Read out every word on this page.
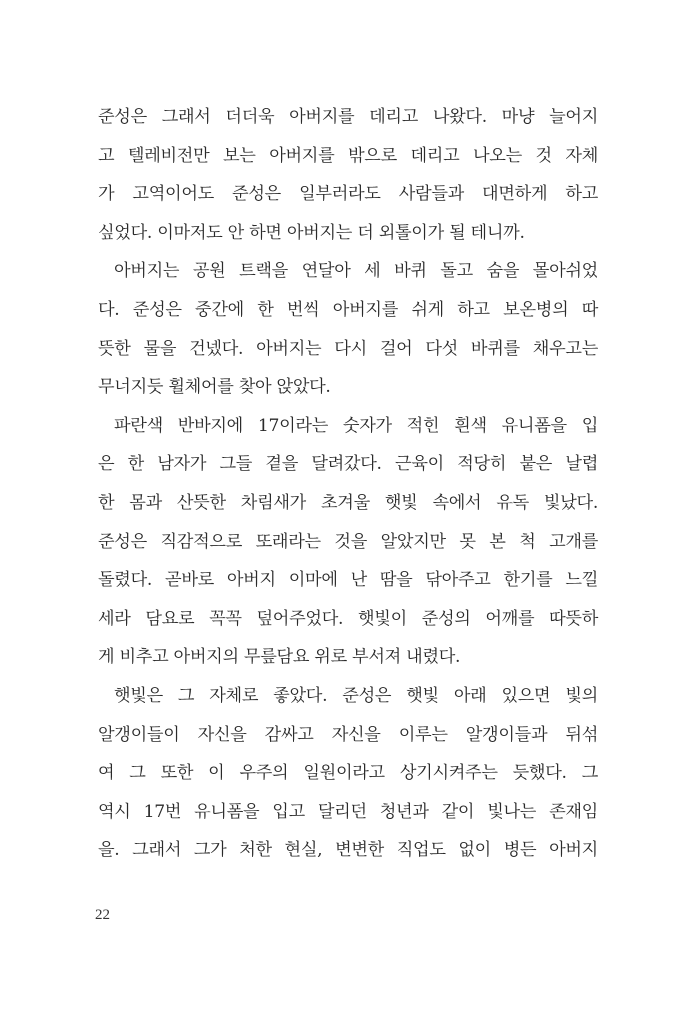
준성은 그래서 더더욱 아버지를 데리고 나왔다. 마냥 늘어지
고 텔레비전만 보는 아버지를 밖으로 데리고 나오는 것 자체
가 고역이어도 준성은 일부러라도 사람들과 대면하게 하고
싶었다. 이마저도 안 하면 아버지는 더 외톨이가 될 테니까.
아버지는 공원 트랙을 연달아 세 바퀴 돌고 숨을 몰아쉬었
다. 준성은 중간에 한 번씩 아버지를 쉬게 하고 보온병의 따
뜻한 물을 건넸다. 아버지는 다시 걸어 다섯 바퀴를 채우고는
무너지듯 휠체어를 찾아 앉았다.
파란색 반바지에 17이라는 숫자가 적힌 흰색 유니폼을 입
은 한 남자가 그들 곁을 달려갔다. 근육이 적당히 붙은 날렵
한 몸과 산뜻한 차림새가 초겨울 햇빛 속에서 유독 빛났다.
준성은 직감적으로 또래라는 것을 알았지만 못 본 척 고개를
돌렸다. 곧바로 아버지 이마에 난 땀을 닦아주고 한기를 느낄
세라 담요로 꼭꼭 덮어주었다. 햇빛이 준성의 어깨를 따뜻하
게 비추고 아버지의 무릎담요 위로 부서져 내렸다.
햇빛은 그 자체로 좋았다. 준성은 햇빛 아래 있으면 빛의
알갱이들이 자신을 감싸고 자신을 이루는 알갱이들과 뒤섞
여 그 또한 이 우주의 일원이라고 상기시켜주는 듯했다. 그
역시 17번 유니폼을 입고 달리던 청년과 같이 빛나는 존재임
을. 그래서 그가 처한 현실, 변변한 직업도 없이 병든 아버지
22
